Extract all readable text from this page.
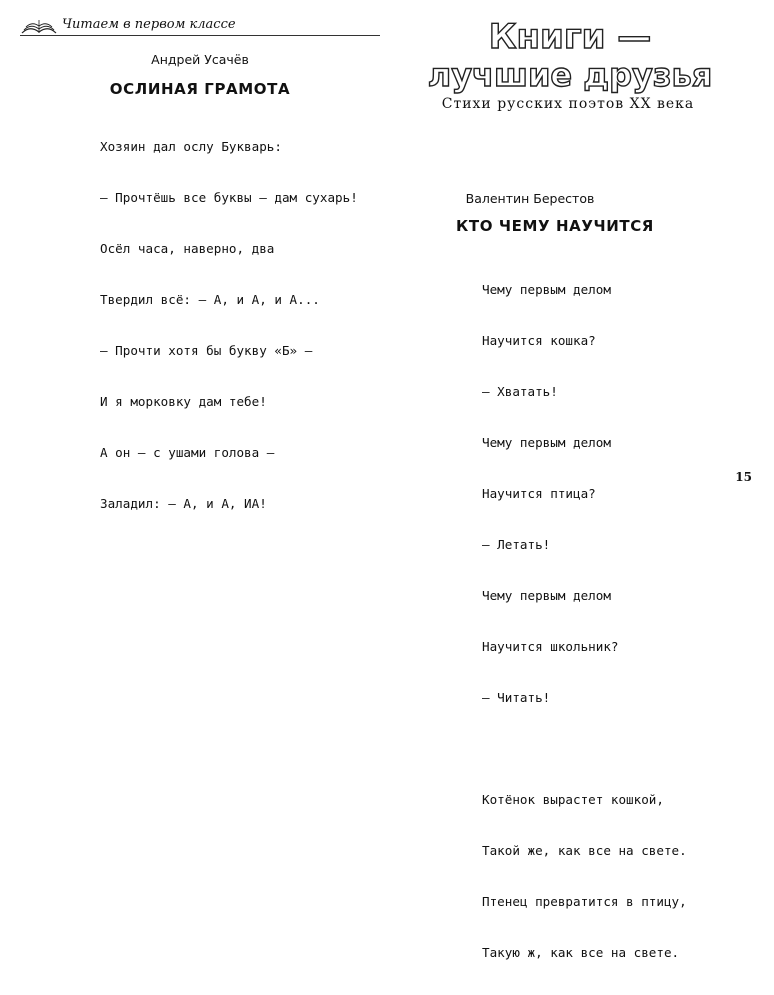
Читаем в первом классе
Андрей Усачёв
ОСЛИНАЯ ГРАМОТА

Хозяин дал ослу Букварь:

— Прочтёшь все буквы — дам сухарь!

Осёл часа, наверно, два

Твердил всё: — А, и А, и А...

— Прочти хотя бы букву «Б» —

И я морковку дам тебе!

А он — с ушами голова —

Заладил: — А, и А, ИА!

Книги —
лучшие друзья
Стихи русских поэтов XX века
Валентин Берестов
КТО ЧЕМУ НАУЧИТСЯ

Чему первым делом

Научится кошка?

— Хватать!

Чему первым делом

Научится птица?

— Летать!

Чему первым делом

Научится школьник?

— Читать!

Котёнок вырастет кошкой,

Такой же, как все на свете.

Птенец превратится в птицу,

Такую ж, как все на свете.

15
